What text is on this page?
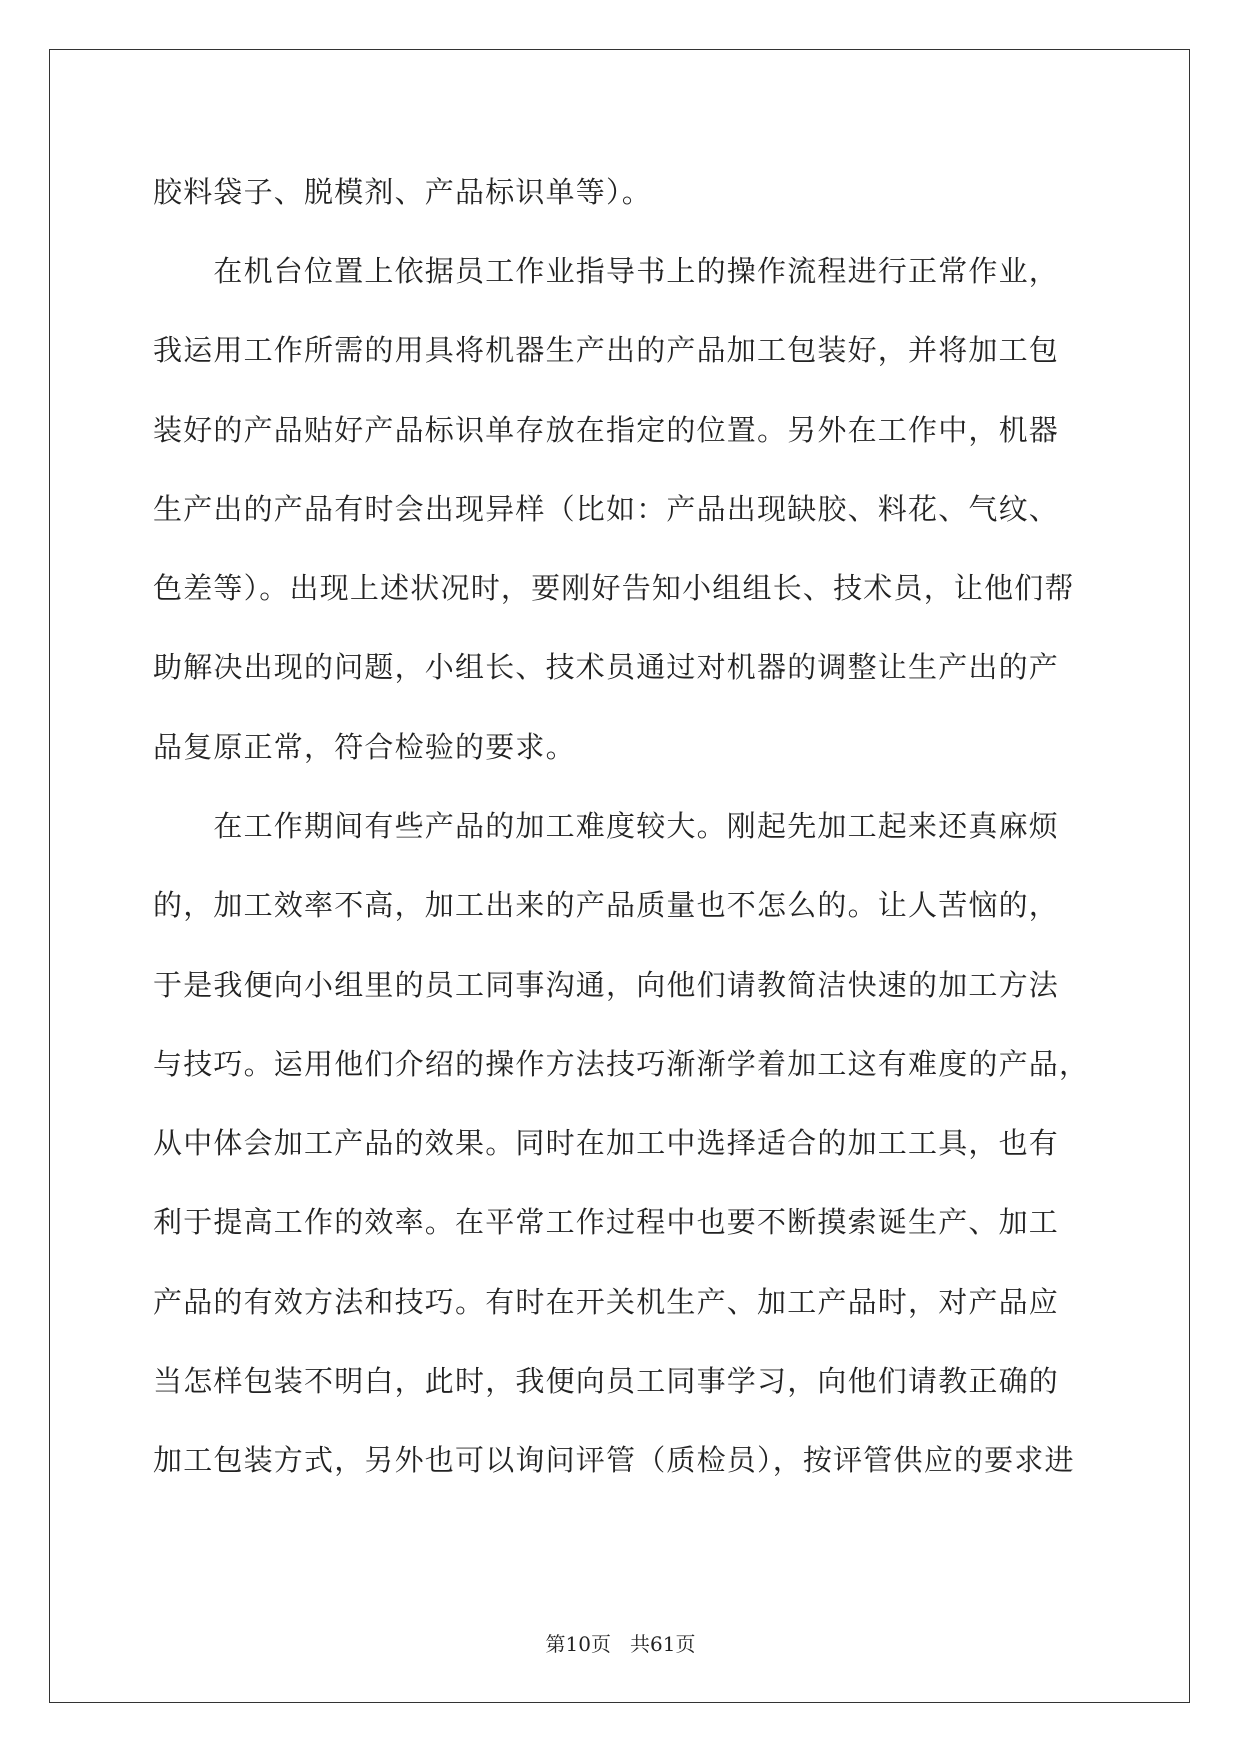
胶料袋子、脱模剂、产品标识单等）。
　　在机台位置上依据员工作业指导书上的操作流程进行正常作业，
我运用工作所需的用具将机器生产出的产品加工包装好，并将加工包
装好的产品贴好产品标识单存放在指定的位置。另外在工作中，机器
生产出的产品有时会出现异样（比如：产品出现缺胶、料花、气纹、
色差等）。出现上述状况时，要刚好告知小组组长、技术员，让他们帮
助解决出现的问题，小组长、技术员通过对机器的调整让生产出的产
品复原正常，符合检验的要求。
　　在工作期间有些产品的加工难度较大。刚起先加工起来还真麻烦
的，加工效率不高，加工出来的产品质量也不怎么的。让人苦恼的，
于是我便向小组里的员工同事沟通，向他们请教简洁快速的加工方法
与技巧。运用他们介绍的操作方法技巧渐渐学着加工这有难度的产品，
从中体会加工产品的效果。同时在加工中选择适合的加工工具，也有
利于提高工作的效率。在平常工作过程中也要不断摸索诞生产、加工
产品的有效方法和技巧。有时在开关机生产、加工产品时，对产品应
当怎样包装不明白，此时，我便向员工同事学习，向他们请教正确的
加工包装方式，另外也可以询问评管（质检员），按评管供应的要求进
第10页 共61页
